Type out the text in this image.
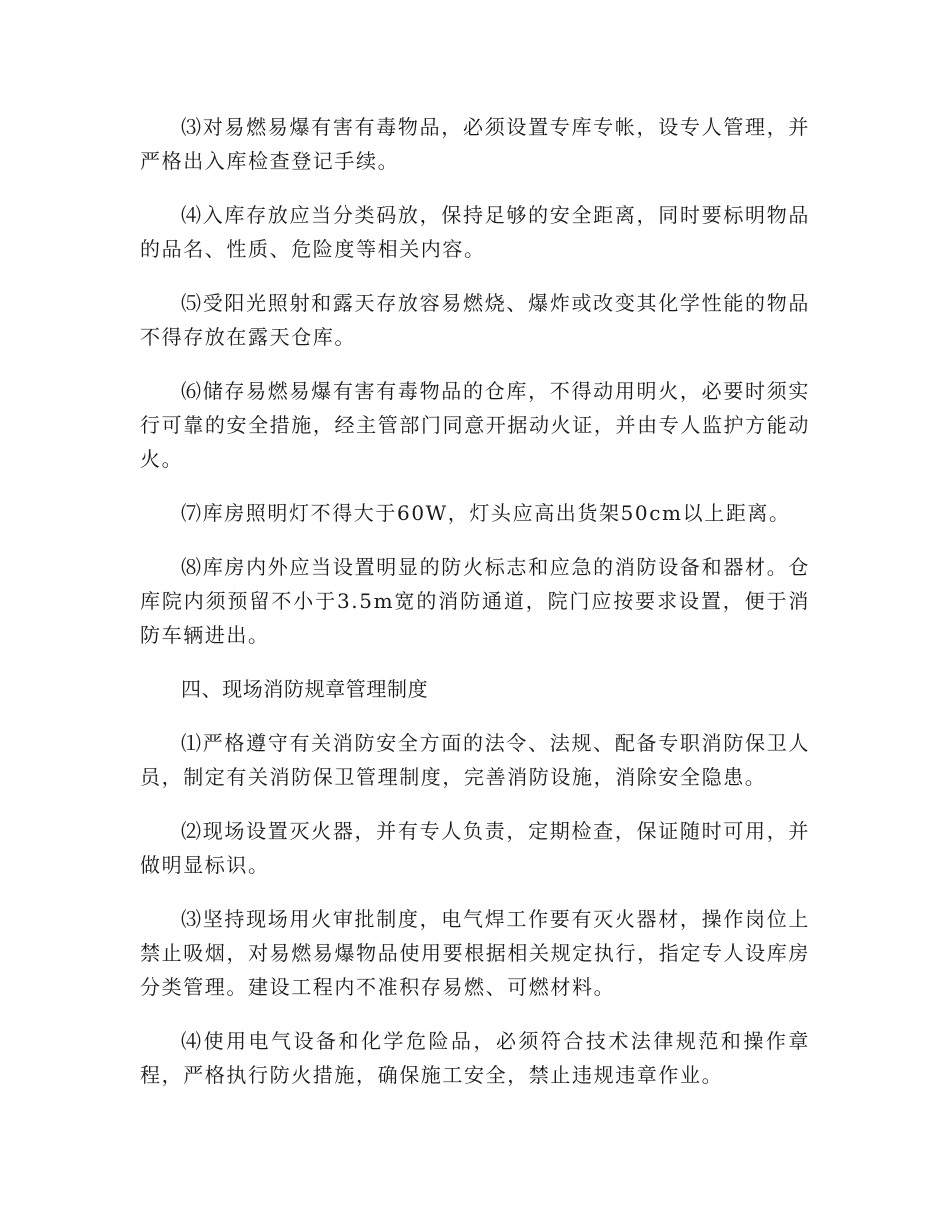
⑶对易燃易爆有害有毒物品，必须设置专库专帐，设专人管理，并严格出入库检查登记手续。

⑷入库存放应当分类码放，保持足够的安全距离，同时要标明物品的品名、性质、危险度等相关内容。

⑸受阳光照射和露天存放容易燃烧、爆炸或改变其化学性能的物品不得存放在露天仓库。

⑹储存易燃易爆有害有毒物品的仓库，不得动用明火，必要时须实行可靠的安全措施，经主管部门同意开据动火证，并由专人监护方能动火。

⑺库房照明灯不得大于60W，灯头应高出货架50cm以上距离。

⑻库房内外应当设置明显的防火标志和应急的消防设备和器材。仓库院内须预留不小于3.5m宽的消防通道，院门应按要求设置，便于消防车辆进出。

四、现场消防规章管理制度

⑴严格遵守有关消防安全方面的法令、法规、配备专职消防保卫人员，制定有关消防保卫管理制度，完善消防设施，消除安全隐患。

⑵现场设置灭火器，并有专人负责，定期检查，保证随时可用，并做明显标识。

⑶坚持现场用火审批制度，电气焊工作要有灭火器材，操作岗位上禁止吸烟，对易燃易爆物品使用要根据相关规定执行，指定专人设库房分类管理。建设工程内不准积存易燃、可燃材料。

⑷使用电气设备和化学危险品，必须符合技术法律规范和操作章程，严格执行防火措施，确保施工安全，禁止违规违章作业。
